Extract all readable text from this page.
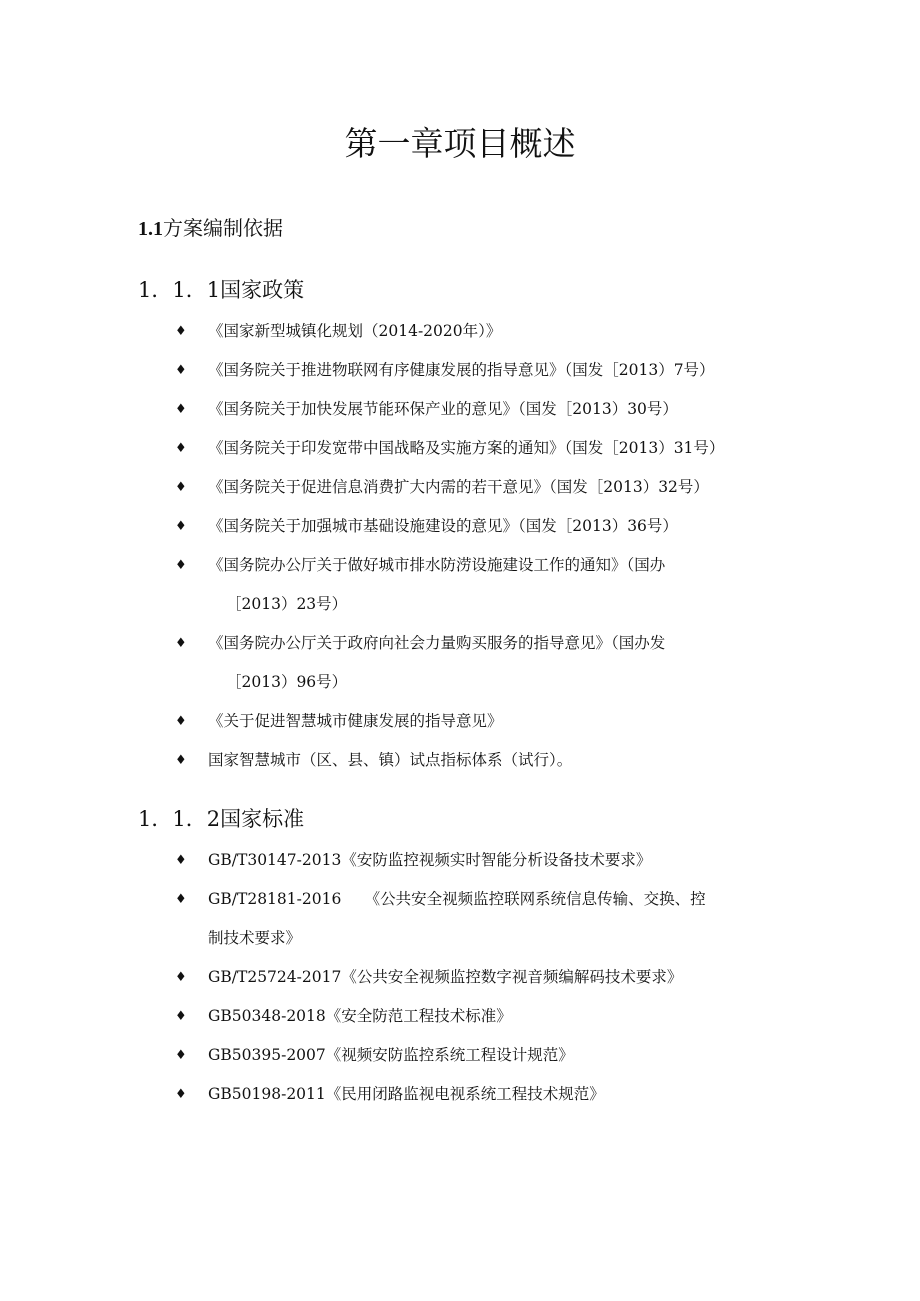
第一章项目概述
1.1方案编制依据
1．1．1国家政策
♦ 《国家新型城镇化规划（2014-2020年）》
♦ 《国务院关于推进物联网有序健康发展的指导意见》（国发［2013）7号）
♦ 《国务院关于加快发展节能环保产业的意见》（国发［2013）30号）
♦ 《国务院关于印发宽带中国战略及实施方案的通知》（国发［2013）31号）
♦ 《国务院关于促进信息消费扩大内需的若干意见》（国发［2013）32号）
♦ 《国务院关于加强城市基础设施建设的意见》（国发［2013）36号）
♦ 《国务院办公厅关于做好城市排水防涝设施建设工作的通知》（国办
［2013）23号）
♦ 《国务院办公厅关于政府向社会力量购买服务的指导意见》（国办发
［2013）96号）
♦ 《关于促进智慧城市健康发展的指导意见》
♦ 国家智慧城市（区、县、镇）试点指标体系（试行）。
1．1．2国家标准
♦ GB/T30147-2013《安防监控视频实时智能分析设备技术要求》
♦ GB/T28181-2016　　《公共安全视频监控联网系统信息传输、交换、控
制技术要求》
♦ GB/T25724-2017《公共安全视频监控数字视音频编解码技术要求》
♦ GB50348-2018《安全防范工程技术标准》
♦ GB50395-2007《视频安防监控系统工程设计规范》
♦ GB50198-2011《民用闭路监视电视系统工程技术规范》
